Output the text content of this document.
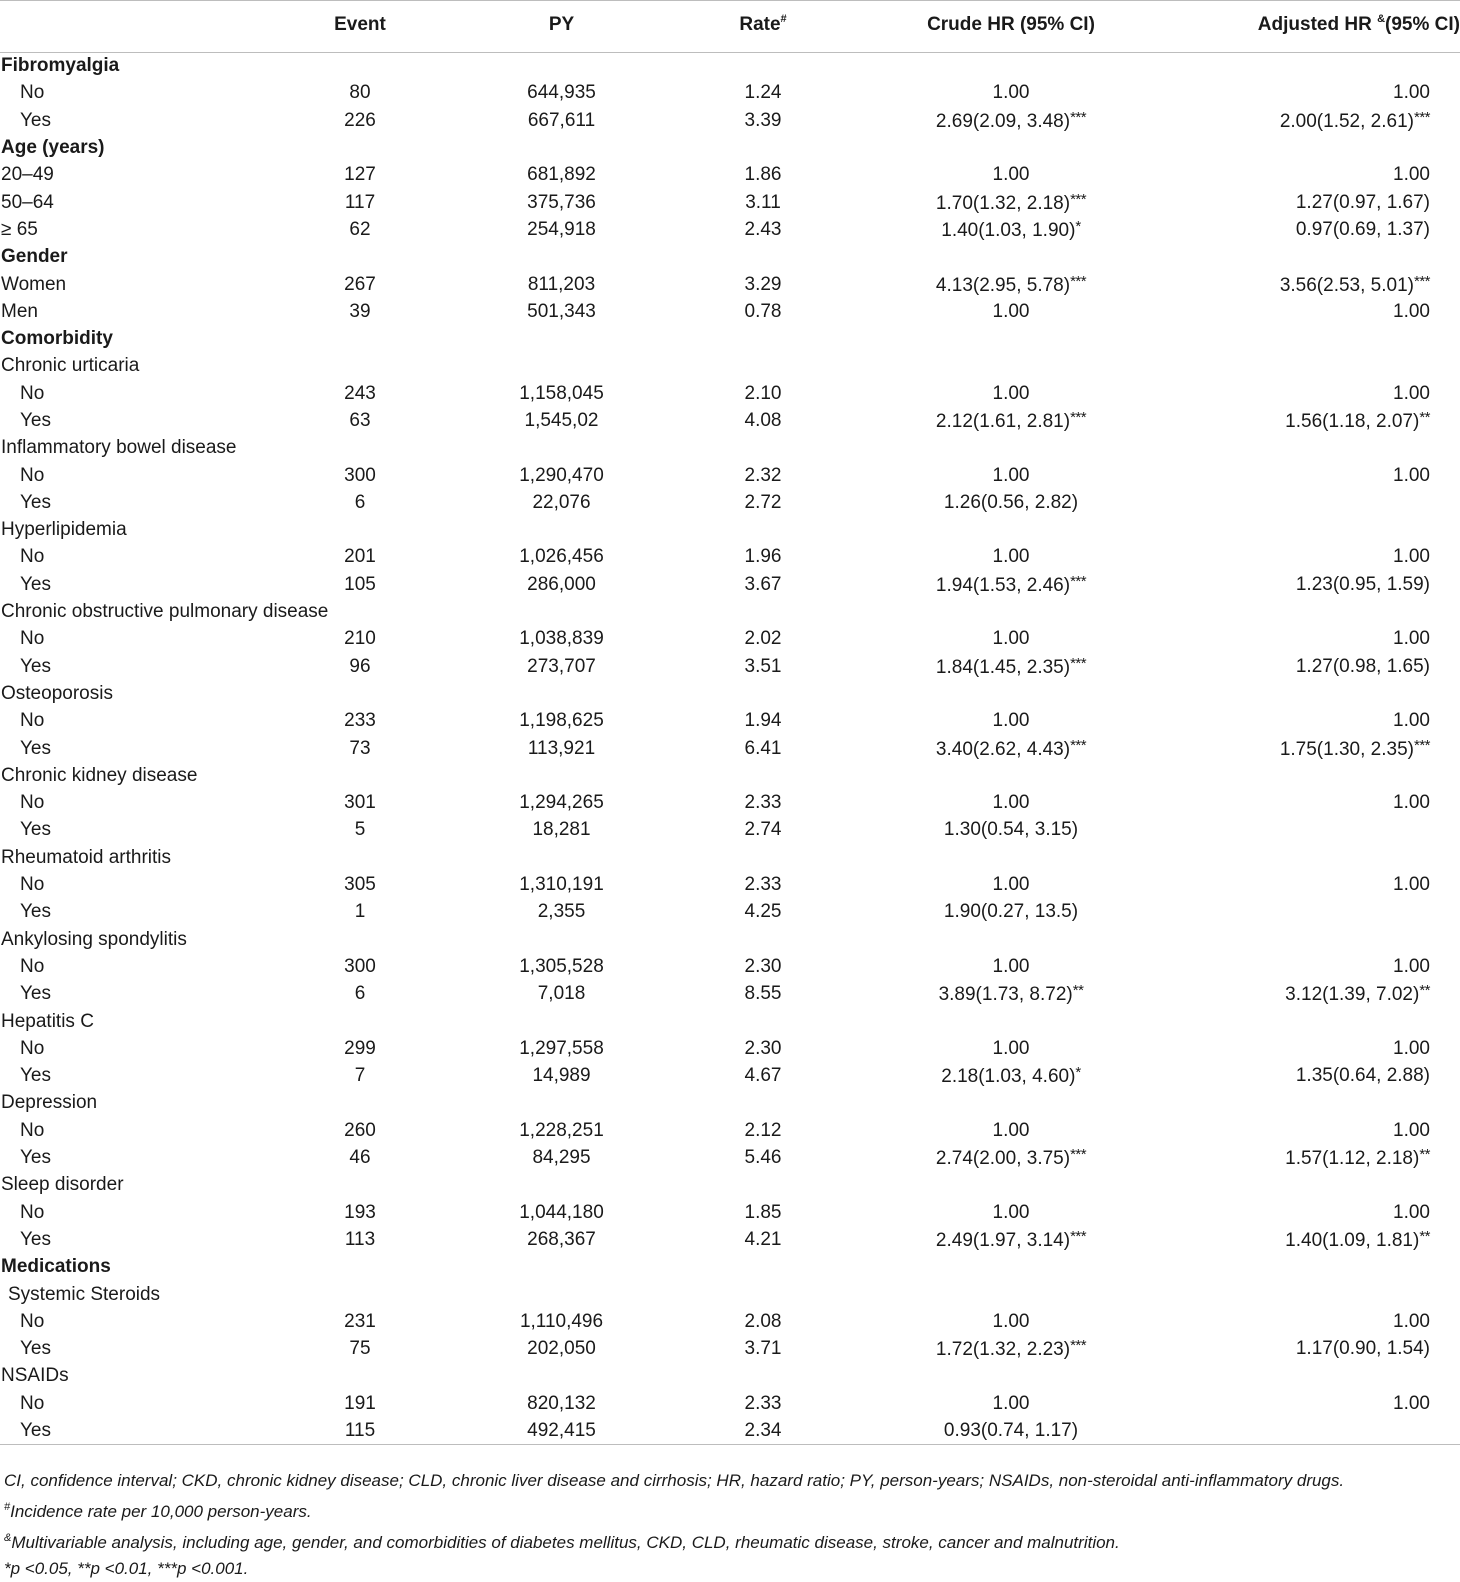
	Event	PY	Rate#	Crude HR (95% CI)	Adjusted HR &(95% CI)
Fibromyalgia					
No	80	644,935	1.24	1.00	1.00
Yes	226	667,611	3.39	2.69(2.09, 3.48)***	2.00(1.52, 2.61)***
Age (years)					
20–49	127	681,892	1.86	1.00	1.00
50–64	117	375,736	3.11	1.70(1.32, 2.18)***	1.27(0.97, 1.67)
≥ 65	62	254,918	2.43	1.40(1.03, 1.90)*	0.97(0.69, 1.37)
Gender					
Women	267	811,203	3.29	4.13(2.95, 5.78)***	3.56(2.53, 5.01)***
Men	39	501,343	0.78	1.00	1.00
Comorbidity					
Chronic urticaria					
No	243	1,158,045	2.10	1.00	1.00
Yes	63	1,545,02	4.08	2.12(1.61, 2.81)***	1.56(1.18, 2.07)**
Inflammatory bowel disease					
No	300	1,290,470	2.32	1.00	1.00
Yes	6	22,076	2.72	1.26(0.56, 2.82)	
Hyperlipidemia					
No	201	1,026,456	1.96	1.00	1.00
Yes	105	286,000	3.67	1.94(1.53, 2.46)***	1.23(0.95, 1.59)
Chronic obstructive pulmonary disease					
No	210	1,038,839	2.02	1.00	1.00
Yes	96	273,707	3.51	1.84(1.45, 2.35)***	1.27(0.98, 1.65)
Osteoporosis					
No	233	1,198,625	1.94	1.00	1.00
Yes	73	113,921	6.41	3.40(2.62, 4.43)***	1.75(1.30, 2.35)***
Chronic kidney disease					
No	301	1,294,265	2.33	1.00	1.00
Yes	5	18,281	2.74	1.30(0.54, 3.15)	
Rheumatoid arthritis					
No	305	1,310,191	2.33	1.00	1.00
Yes	1	2,355	4.25	1.90(0.27, 13.5)	
Ankylosing spondylitis					
No	300	1,305,528	2.30	1.00	1.00
Yes	6	7,018	8.55	3.89(1.73, 8.72)**	3.12(1.39, 7.02)**
Hepatitis C					
No	299	1,297,558	2.30	1.00	1.00
Yes	7	14,989	4.67	2.18(1.03, 4.60)*	1.35(0.64, 2.88)
Depression					
No	260	1,228,251	2.12	1.00	1.00
Yes	46	84,295	5.46	2.74(2.00, 3.75)***	1.57(1.12, 2.18)**
Sleep disorder					
No	193	1,044,180	1.85	1.00	1.00
Yes	113	268,367	4.21	2.49(1.97, 3.14)***	1.40(1.09, 1.81)**
Medications					
Systemic Steroids					
No	231	1,110,496	2.08	1.00	1.00
Yes	75	202,050	3.71	1.72(1.32, 2.23)***	1.17(0.90, 1.54)
NSAIDs					
No	191	820,132	2.33	1.00	1.00
Yes	115	492,415	2.34	0.93(0.74, 1.17)	
CI, confidence interval; CKD, chronic kidney disease; CLD, chronic liver disease and cirrhosis; HR, hazard ratio; PY, person-years; NSAIDs, non-steroidal anti-inflammatory drugs.
#Incidence rate per 10,000 person-years.
&Multivariable analysis, including age, gender, and comorbidities of diabetes mellitus, CKD, CLD, rheumatic disease, stroke, cancer and malnutrition.
*p <0.05, **p <0.01, ***p <0.001.
